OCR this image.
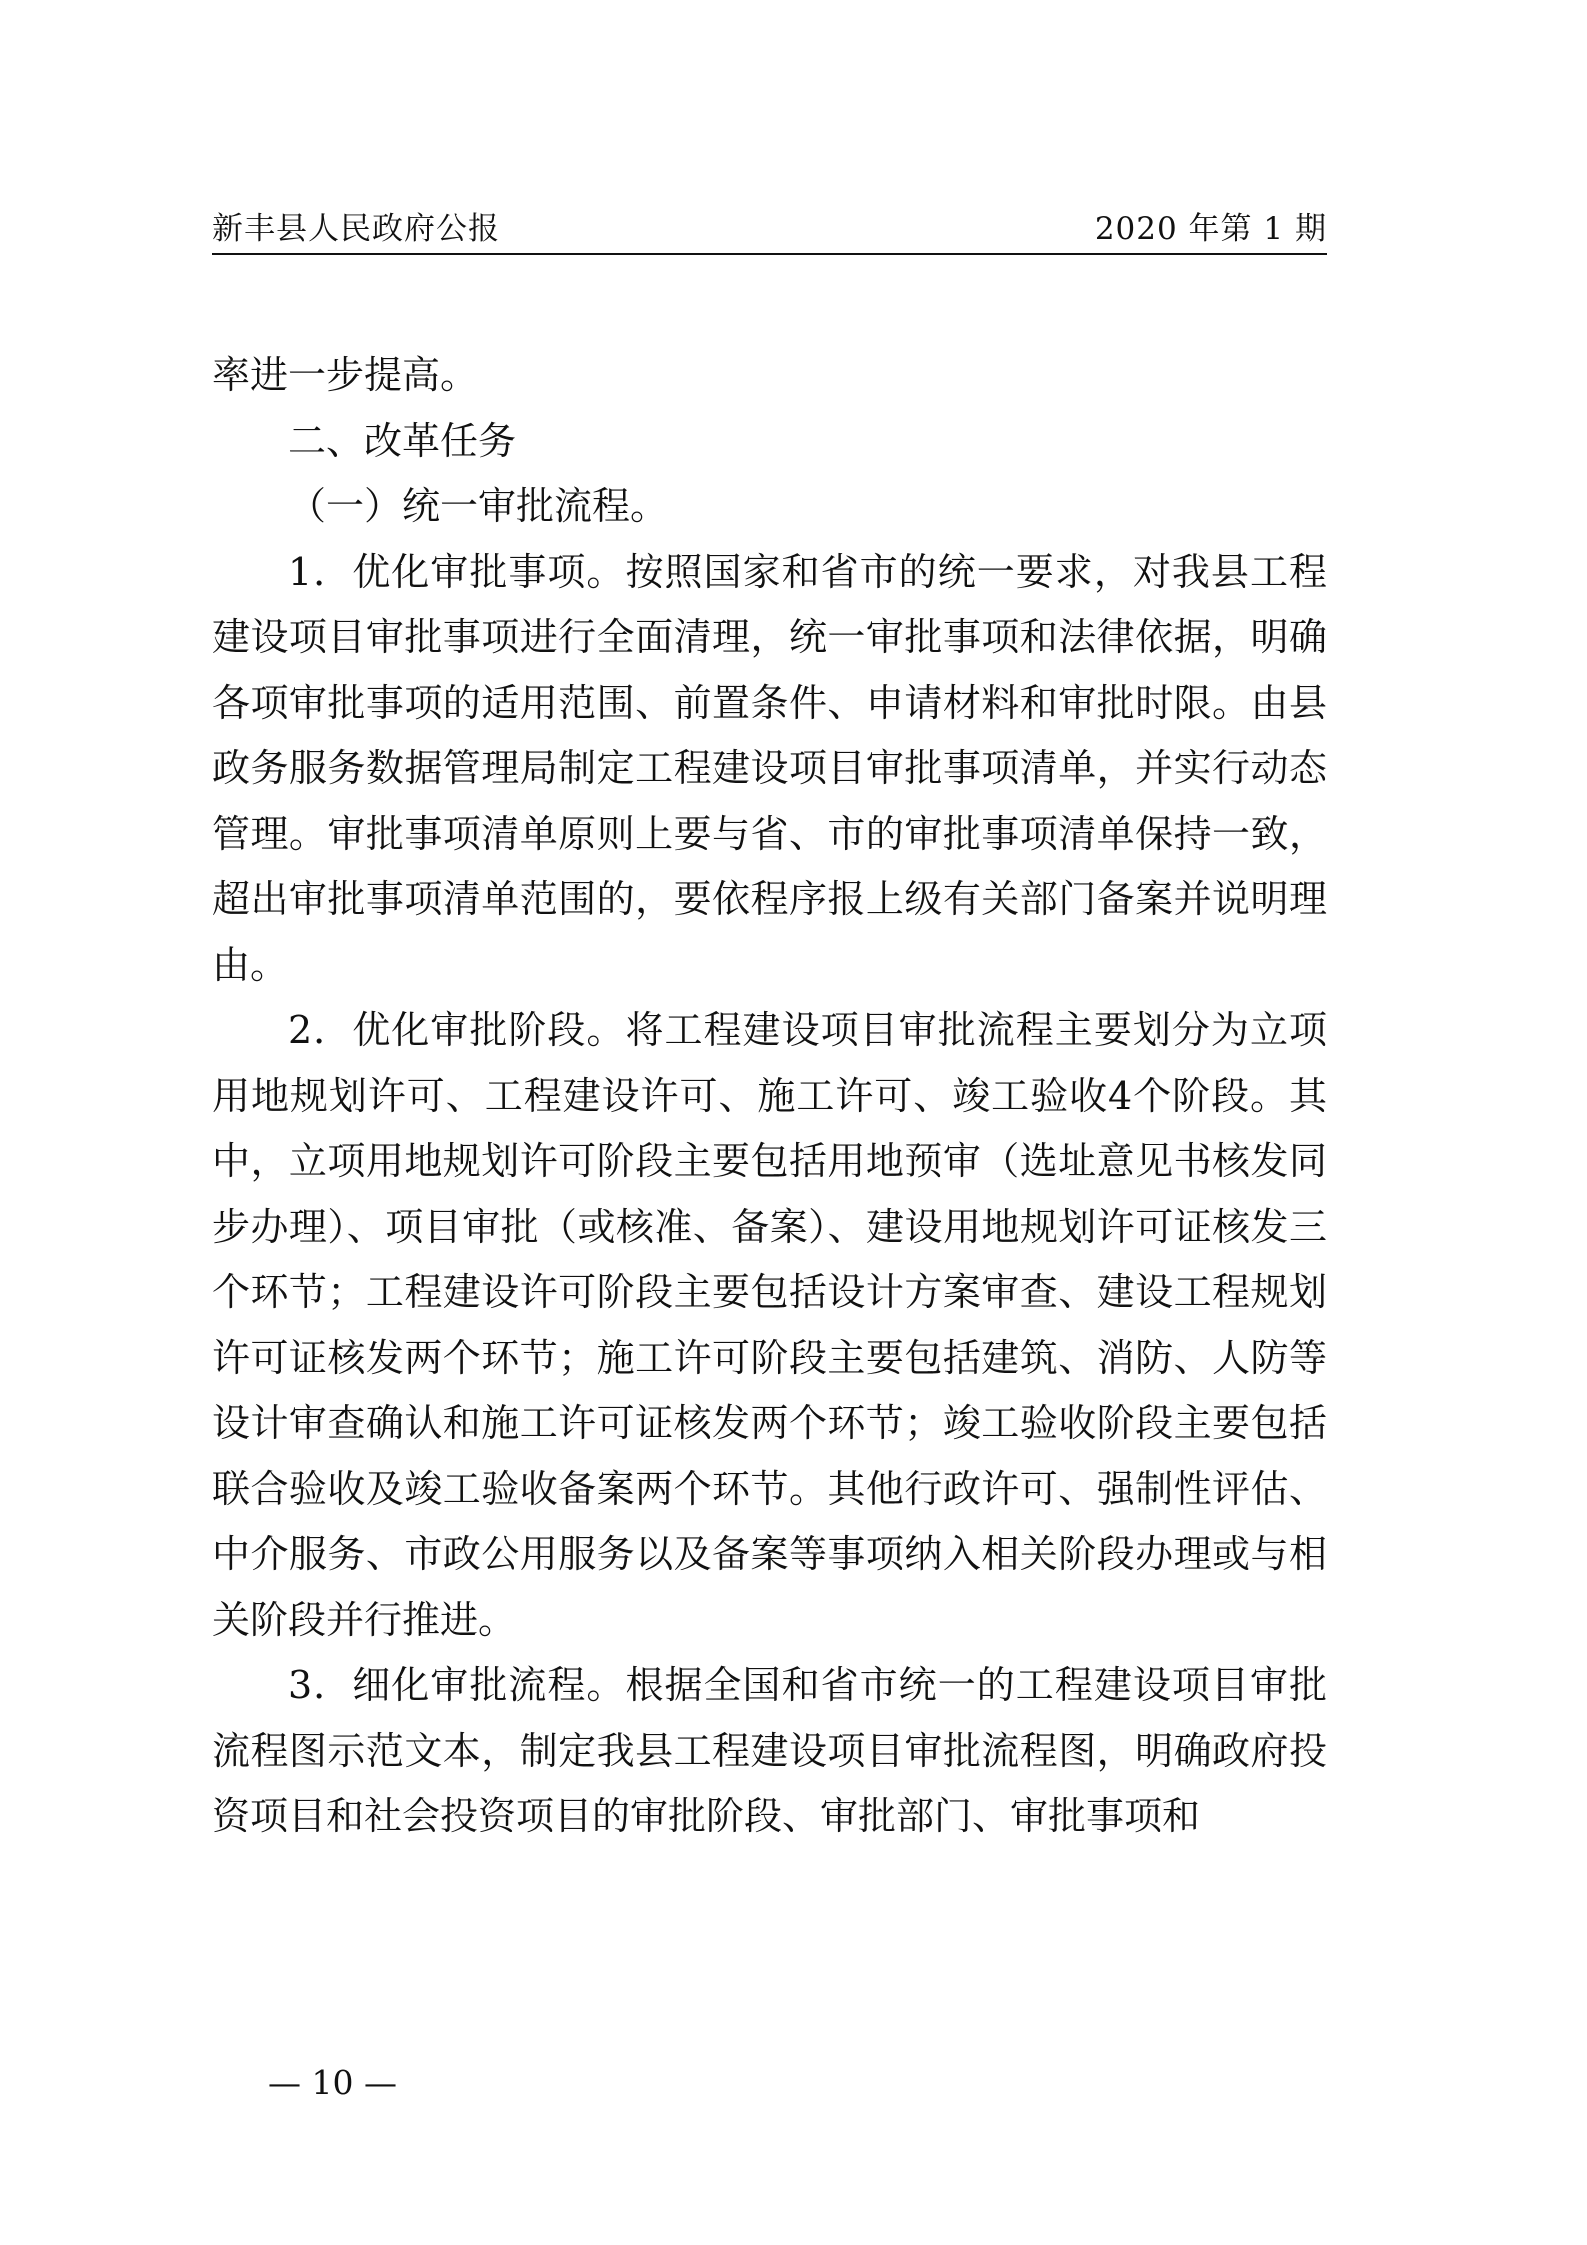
新丰县人民政府公报	2020 年第 1 期

率进一步提高。

二、改革任务

（一）统一审批流程。

1．优化审批事项。按照国家和省市的统一要求，对我县工程建设项目审批事项进行全面清理，统一审批事项和法律依据，明确各项审批事项的适用范围、前置条件、申请材料和审批时限。由县政务服务数据管理局制定工程建设项目审批事项清单，并实行动态管理。审批事项清单原则上要与省、市的审批事项清单保持一致，超出审批事项清单范围的，要依程序报上级有关部门备案并说明理由。

2．优化审批阶段。将工程建设项目审批流程主要划分为立项用地规划许可、工程建设许可、施工许可、竣工验收4个阶段。其中，立项用地规划许可阶段主要包括用地预审（选址意见书核发同步办理）、项目审批（或核准、备案）、建设用地规划许可证核发三个环节；工程建设许可阶段主要包括设计方案审查、建设工程规划许可证核发两个环节；施工许可阶段主要包括建筑、消防、人防等设计审查确认和施工许可证核发两个环节；竣工验收阶段主要包括联合验收及竣工验收备案两个环节。其他行政许可、强制性评估、中介服务、市政公用服务以及备案等事项纳入相关阶段办理或与相关阶段并行推进。

3．细化审批流程。根据全国和省市统一的工程建设项目审批流程图示范文本，制定我县工程建设项目审批流程图，明确政府投资项目和社会投资项目的审批阶段、审批部门、审批事项和

— 10 —
